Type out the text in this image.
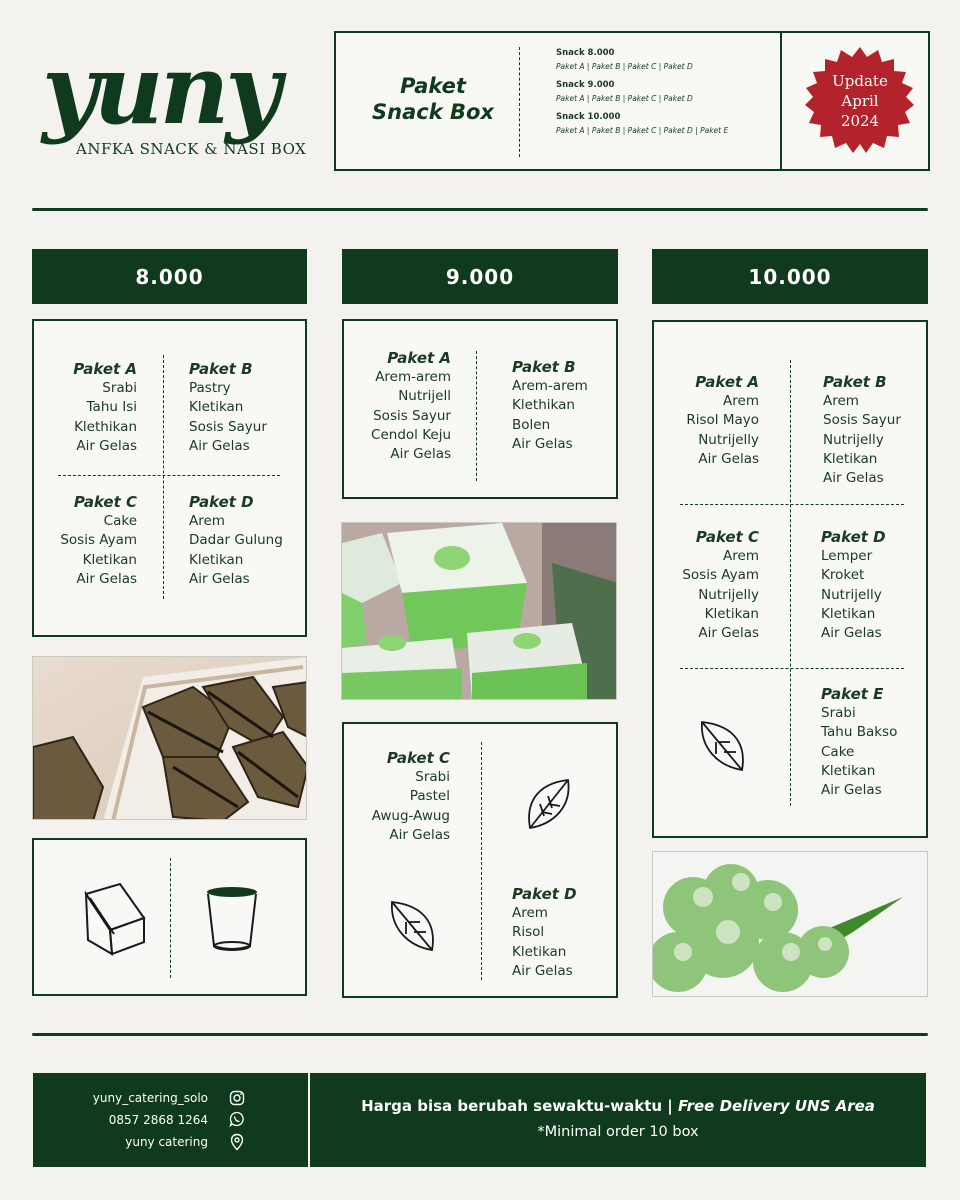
yuny
ANFKA SNACK & NASI BOX
Paket
Snack Box
Snack 8.000
Paket A | Paket B | Paket C | Paket D
Snack 9.000
Paket A | Paket B | Paket C | Paket D
Snack 10.000
Paket A | Paket B | Paket C | Paket D | Paket E
Update
April
2024
8.000	9.000	10.000
Paket A
Srabi
Tahu Isi
Klethikan
Air Gelas
Paket B
Pastry
Kletikan
Sosis Sayur
Air Gelas
Paket C
Cake
Sosis Ayam
Kletikan
Air Gelas
Paket D
Arem
Dadar Gulung
Kletikan
Air Gelas
Paket A
Arem-arem
Nutrijell
Sosis Sayur
Cendol Keju
Air Gelas
Paket B
Arem-arem
Klethikan
Bolen
Air Gelas
Paket C
Srabi
Pastel
Awug-Awug
Air Gelas
Paket D
Arem
Risol
Kletikan
Air Gelas
Paket A
Arem
Risol Mayo
Nutrijelly
Air Gelas
Paket B
Arem
Sosis Sayur
Nutrijelly
Kletikan
Air Gelas
Paket C
Arem
Sosis Ayam
Nutrijelly
Kletikan
Air Gelas
Paket D
Lemper
Kroket
Nutrijelly
Kletikan
Air Gelas
Paket E
Srabi
Tahu Bakso
Cake
Kletikan
Air Gelas
yuny_catering_solo
0857 2868 1264
yuny catering
Harga bisa berubah sewaktu-waktu | Free Delivery UNS Area
*Minimal order 10 box
